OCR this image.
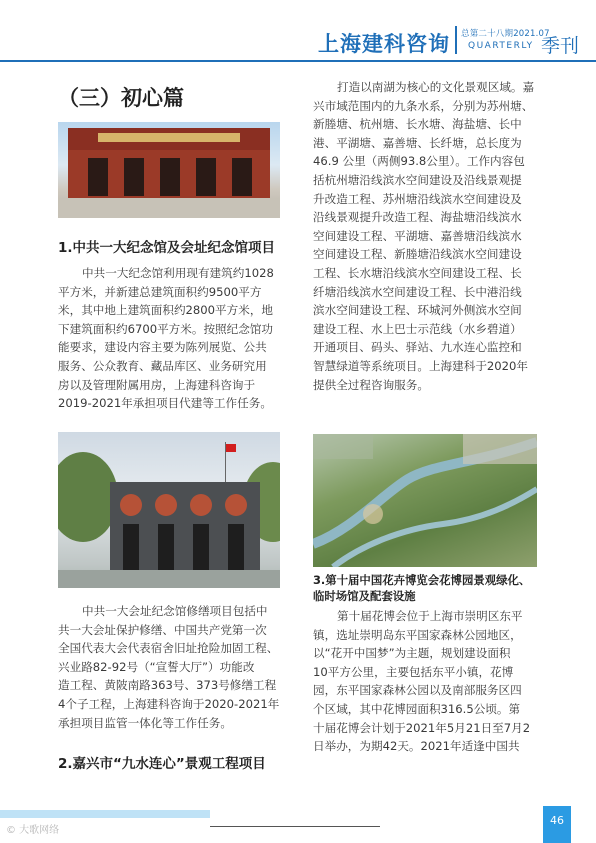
上海建科咨询 总第二十八期2021.07
QUARTERLY 季刊
（三）初心篇
1.中共一大纪念馆及会址纪念馆项目
中共一大纪念馆利用现有建筑约1028
平方米，并新建总建筑面积约9500平方
米，其中地上建筑面积约2800平方米，地
下建筑面积约6700平方米。按照纪念馆功
能要求，建设内容主要为陈列展览、公共
服务、公众教育、藏品库区、业务研究用
房以及管理附属用房，上海建科咨询于
2019-2021年承担项目代建等工作任务。
中共一大会址纪念馆修缮项目包括中
共一大会址保护修缮、中国共产党第一次
全国代表大会代表宿舍旧址抢险加固工程、
兴业路82-92号（“宣誓大厅”）功能改
造工程、黄陂南路363号、373号修缮工程
4个子工程，上海建科咨询于2020-2021年
承担项目监管一体化等工作任务。
2.嘉兴市“九水连心”景观工程项目
打造以南湖为核心的文化景观区域。嘉
兴市域范围内的九条水系，分别为苏州塘、
新塍塘、杭州塘、长水塘、海盐塘、长中
港、平湖塘、嘉善塘、长纤塘，总长度为
46.9 公里（两侧93.8公里）。工作内容包
括杭州塘沿线滨水空间建设及沿线景观提
升改造工程、苏州塘沿线滨水空间建设及
沿线景观提升改造工程、海盐塘沿线滨水
空间建设工程、平湖塘、嘉善塘沿线滨水
空间建设工程、新塍塘沿线滨水空间建设
工程、长水塘沿线滨水空间建设工程、长
纤塘沿线滨水空间建设工程、长中港沿线
滨水空间建设工程、环城河外侧滨水空间
建设工程、水上巴士示范线（水乡碧道）
开通项目、码头、驿站、九水连心监控和
智慧绿道等系统项目。上海建科于2020年
提供全过程咨询服务。
3.第十届中国花卉博览会花博园景观绿化、
临时场馆及配套设施
第十届花博会位于上海市崇明区东平
镇，选址崇明岛东平国家森林公园地区，
以“花开中国梦”为主题，规划建设面积
10平方公里，主要包括东平小镇，花博
园，东平国家森林公园以及南部服务区四
个区域，其中花博园面积316.5公顷。第
十届花博会计划于2021年5月21日至7月2
日举办，为期42天。2021年适逢中国共
© 大歌网络
46
